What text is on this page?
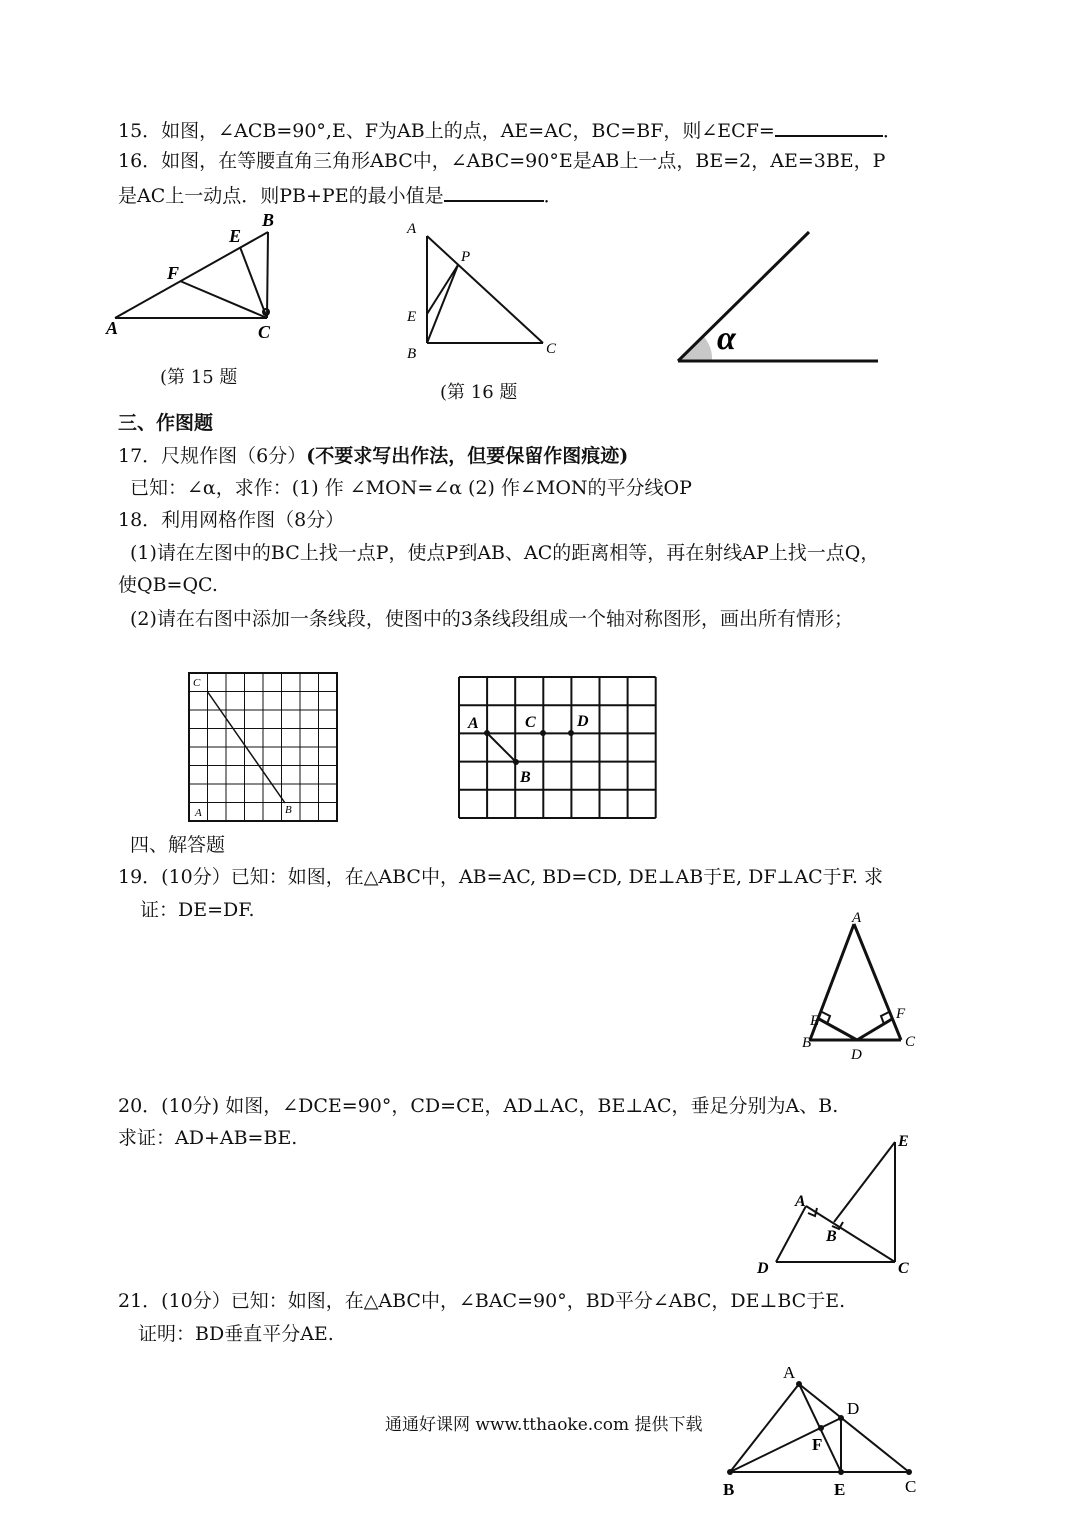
15．如图，∠ACB=90°,E、F为AB上的点，AE=AC，BC=BF，则∠ECF=	．
16．如图，在等腰直角三角形ABC中，∠ABC=90°E是AB上一点，BE=2，AE=3BE，P
是AC上一动点．则PB+PE的最小值是	．
A
B
C
E
F
(第 15 题
A
B	C
E
P
(第 16 题
α
三、作图题
17．尺规作图（6分）(不要求写出作法，但要保留作图痕迹)
已知：∠α，求作：(1) 作 ∠MON=∠α (2) 作∠MON的平分线OP
18．利用网格作图（8分）
(1)请在左图中的BC上找一点P，使点P到AB、AC的距离相等，再在射线AP上找一点Q，
使QB=QC.
(2)请在右图中添加一条线段，使图中的3条线段组成一个轴对称图形，画出所有情形；
C
A	B
A
B
C	D
四、解答题
19．(10分）已知：如图，在△ABC中，AB=AC, BD=CD, DE⊥AB于E, DF⊥AC于F. 求
证：DE=DF.	A
B	C
D
E	F
20．(10分) 如图，∠DCE=90°，CD=CE，AD⊥AC，BE⊥AC，垂足分别为A、B.
求证：AD+AB=BE.
A
B
C
D
E
21．(10分）已知：如图，在△ABC中，∠BAC=90°，BD平分∠ABC，DE⊥BC于E.
证明：BD垂直平分AE.
A
B	C
D
E
F
通通好课网 www.tthaoke.com 提供下载
